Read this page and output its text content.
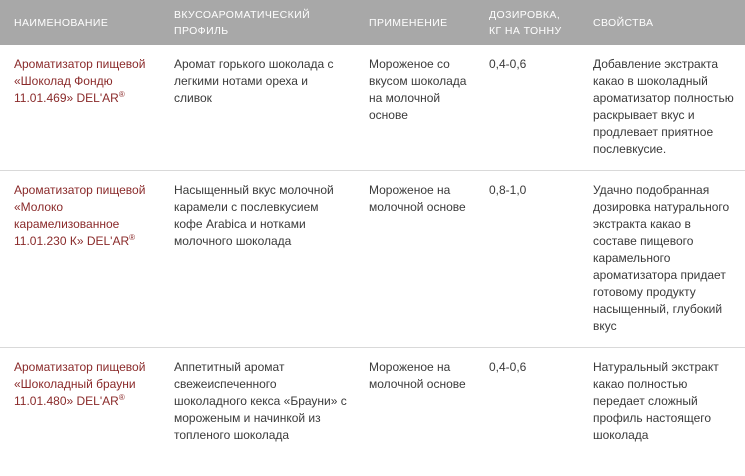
НАИМЕНОВАНИЕ	ВКУСОАРОМАТИЧЕСКИЙ ПРОФИЛЬ	ПРИМЕНЕНИЕ	ДОЗИРОВКА, КГ НА ТОННУ	СВОЙСТВА
Ароматизатор пищевой «Шоколад Фондю 11.01.469» DEL'AR®	Аромат горького шоколада с легкими нотами ореха и сливок	Мороженое со вкусом шоколада на молочной основе	0,4-0,6	Добавление экстракта какао в шоколадный ароматизатор полностью раскрывает вкус и продлевает приятное послевкусие.
Ароматизатор пищевой «Молоко карамелизованное 11.01.230 К» DEL'AR®	Насыщенный вкус молочной карамели с послевкусием кофе Arabica и нотками молочного шоколада	Мороженое на молочной основе	0,8-1,0	Удачно подобранная дозировка натурального экстракта какао в составе пищевого карамельного ароматизатора придает готовому продукту насыщенный, глубокий вкус
Ароматизатор пищевой «Шоколадный брауни 11.01.480» DEL'AR®	Аппетитный аромат свежеиспеченного шоколадного кекса «Брауни» с мороженым и начинкой из топленого шоколада	Мороженое на молочной основе	0,4-0,6	Натуральный экстракт какао полностью передает сложный профиль настоящего шоколада
